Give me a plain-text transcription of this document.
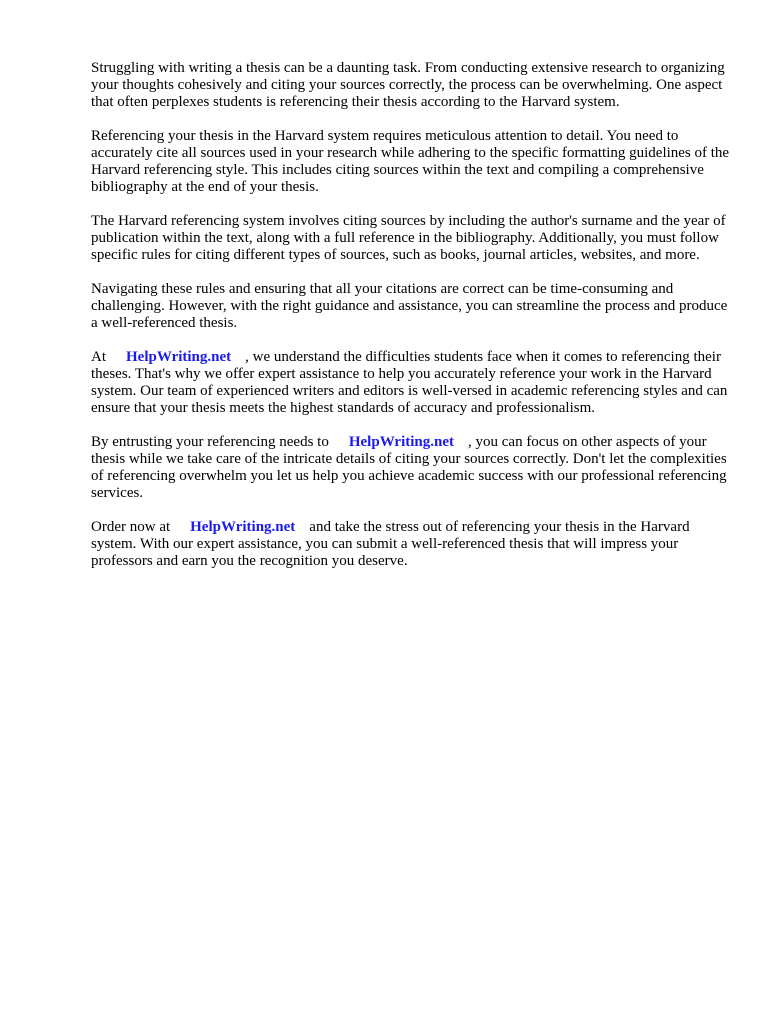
Struggling with writing a thesis can be a daunting task. From conducting extensive research to organizing your thoughts cohesively and citing your sources correctly, the process can be overwhelming. One aspect that often perplexes students is referencing their thesis according to the Harvard system.

Referencing your thesis in the Harvard system requires meticulous attention to detail. You need to accurately cite all sources used in your research while adhering to the specific formatting guidelines of the Harvard referencing style. This includes citing sources within the text and compiling a comprehensive bibliography at the end of your thesis.

The Harvard referencing system involves citing sources by including the author's surname and the year of publication within the text, along with a full reference in the bibliography. Additionally, you must follow specific rules for citing different types of sources, such as books, journal articles, websites, and more.

Navigating these rules and ensuring that all your citations are correct can be time-consuming and challenging. However, with the right guidance and assistance, you can streamline the process and produce a well-referenced thesis.

At HelpWriting.net , we understand the difficulties students face when it comes to referencing their theses. That's why we offer expert assistance to help you accurately reference your work in the Harvard system. Our team of experienced writers and editors is well-versed in academic referencing styles and can ensure that your thesis meets the highest standards of accuracy and professionalism.

By entrusting your referencing needs to HelpWriting.net , you can focus on other aspects of your thesis while we take care of the intricate details of citing your sources correctly. Don't let the complexities of referencing overwhelm you let us help you achieve academic success with our professional referencing services.

Order now at HelpWriting.net and take the stress out of referencing your thesis in the Harvard system. With our expert assistance, you can submit a well-referenced thesis that will impress your professors and earn you the recognition you deserve.
